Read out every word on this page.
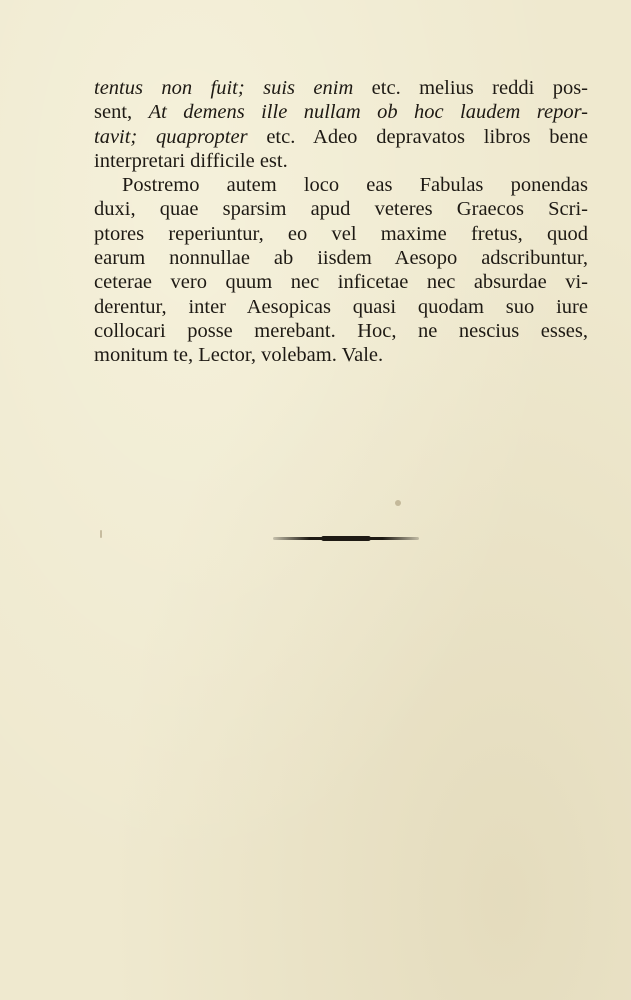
tentus non fuit; suis enim etc. melius reddi pos-
sent, At demens ille nullam ob hoc laudem repor-
tavit; quapropter etc. Adeo depravatos libros bene
interpretari difficile est.

Postremo autem loco eas Fabulas ponendas
duxi, quae sparsim apud veteres Graecos Scri-
ptores reperiuntur, eo vel maxime fretus, quod
earum nonnullae ab iisdem Aesopo adscribuntur,
ceterae vero quum nec inficetae nec absurdae vi-
derentur, inter Aesopicas quasi quodam suo iure
collocari posse merebant. Hoc, ne nescius esses,
monitum te, Lector, volebam. Vale.
